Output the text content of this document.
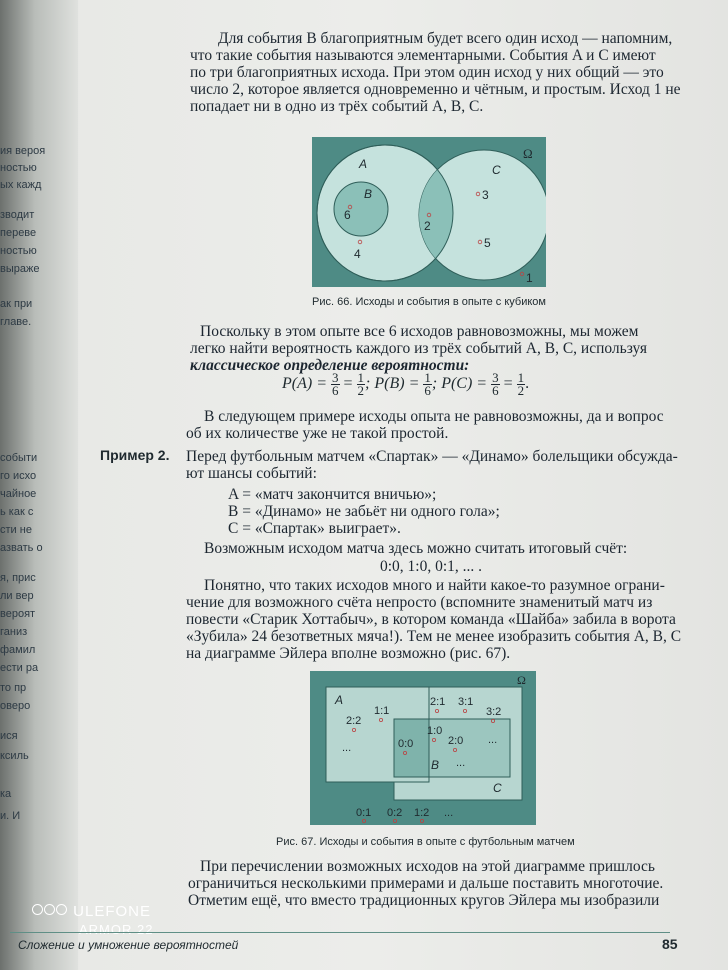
ия вероя
ностью
ых кажд
зводит
переве
ностью
выраже
ак при
главе.
событи
го исхо
чайное
ь как с
сти не
азвать о
я, прис
ли вер
вероят
ганиз
фамил
ести ра
то пр
оверо
ися
ксиль
ка
и. И
Для события B благоприятным будет всего один исход — напомним,
что такие события называются элементарными. События A и C имеют
по три благоприятных исхода. При этом один исход у них общий — это
число 2, которое является одновременно и чётным, и простым. Исход 1 не
попадает ни в одно из трёх событий A, B, C.
Ω
A
B
C
6
4
2
3
5
1
Рис. 66. Исходы и события в опыте с кубиком
Поскольку в этом опыте все 6 исходов равновозможны, мы можем
легко найти вероятность каждого из трёх событий A, B, C, используя
классическое определение вероятности:
$P(A) = \frac{3}{6} = \frac{1}{2}$ ; $P(B) = \frac{1}{6}$ ; $P(C) = \frac{3}{6} = \frac{1}{2}$ .
В следующем примере исходы опыта не равновозможны, да и вопрос
об их количестве уже не такой простой.
Пример 2. Перед футбольным матчем «Спартак» — «Динамо» болельщики обсужда-
ют шансы событий:
A = «матч закончится вничью»;
B = «Динамо» не забьёт ни одного гола»;
C = «Спартак» выиграет».
Возможным исходом матча здесь можно считать итоговый счёт:
0:0, 1:0, 0:1, ... .
Понятно, что таких исходов много и найти какое-то разумное ограни-
чение для возможного счёта непросто (вспомните знаменитый матч из
повести «Старик Хоттабыч», в котором команда «Шайба» забила в ворота
«Зубила» 24 безответных мяча!). Тем не менее изобразить события A, B, C
на диаграмме Эйлера вполне возможно (рис. 67).
Ω
A
B
C
2:2
1:1
...
2:1 3:1
3:2
...
0:0
1:0
2:0
...
0:1 0:2 1:2 ...
Рис. 67. Исходы и события в опыте с футбольным матчем
При перечислении возможных исходов на этой диаграмме пришлось
ограничиться несколькими примерами и дальше поставить многоточие.
Отметим ещё, что вместо традиционных кругов Эйлера мы изобразили
ULEFONE
ARMOR 22
Сложение и умножение вероятностей	85
